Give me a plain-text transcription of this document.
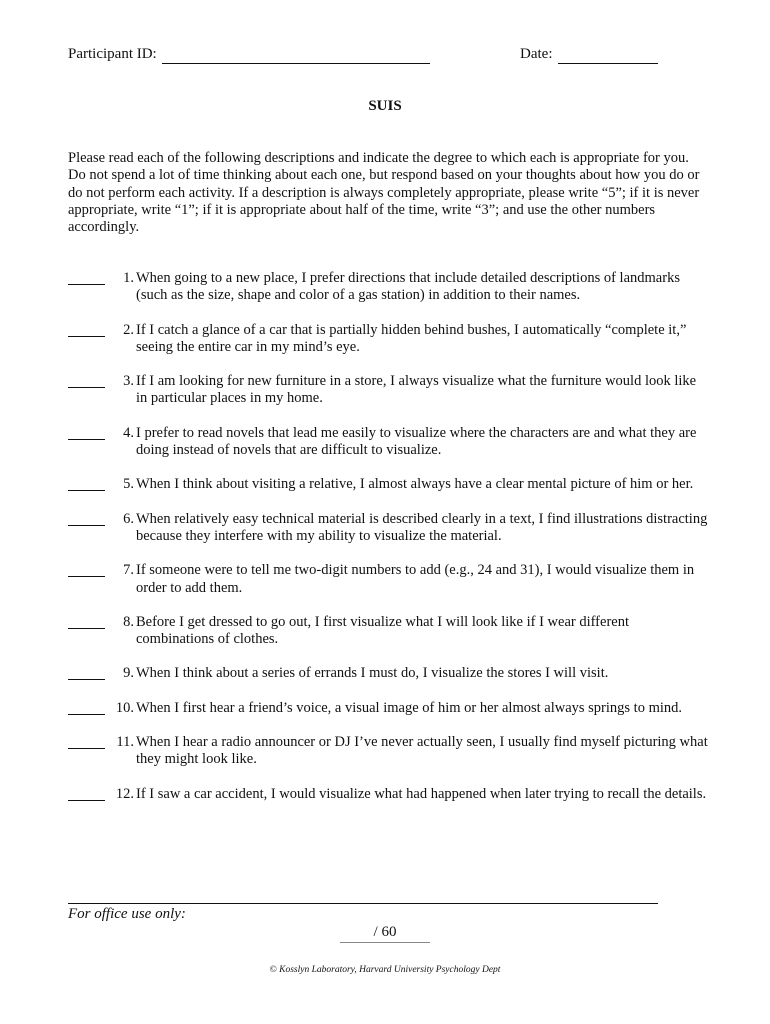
Participant ID:	Date:
SUIS
Please read each of the following descriptions and indicate the degree to which each is appropriate for you. Do not spend a lot of time thinking about each one, but respond based on your thoughts about how you do or do not perform each activity. If a description is always completely appropriate, please write “5”; if it is never appropriate, write “1”; if it is appropriate about half of the time, write “3”; and use the other numbers accordingly.
1. When going to a new place, I prefer directions that include detailed descriptions of landmarks (such as the size, shape and color of a gas station) in addition to their names.
2. If I catch a glance of a car that is partially hidden behind bushes, I automatically “complete it,” seeing the entire car in my mind’s eye.
3. If I am looking for new furniture in a store, I always visualize what the furniture would look like in particular places in my home.
4. I prefer to read novels that lead me easily to visualize where the characters are and what they are doing instead of novels that are difficult to visualize.
5. When I think about visiting a relative, I almost always have a clear mental picture of him or her.
6. When relatively easy technical material is described clearly in a text, I find illustrations distracting because they interfere with my ability to visualize the material.
7. If someone were to tell me two-digit numbers to add (e.g., 24 and 31), I would visualize them in order to add them.
8. Before I get dressed to go out, I first visualize what I will look like if I wear different combinations of clothes.
9. When I think about a series of errands I must do, I visualize the stores I will visit.
10. When I first hear a friend’s voice, a visual image of him or her almost always springs to mind.
11. When I hear a radio announcer or DJ I’ve never actually seen, I usually find myself picturing what they might look like.
12. If I saw a car accident, I would visualize what had happened when later trying to recall the details.
For office use only:
/ 60
© Kosslyn Laboratory, Harvard University Psychology Dept
